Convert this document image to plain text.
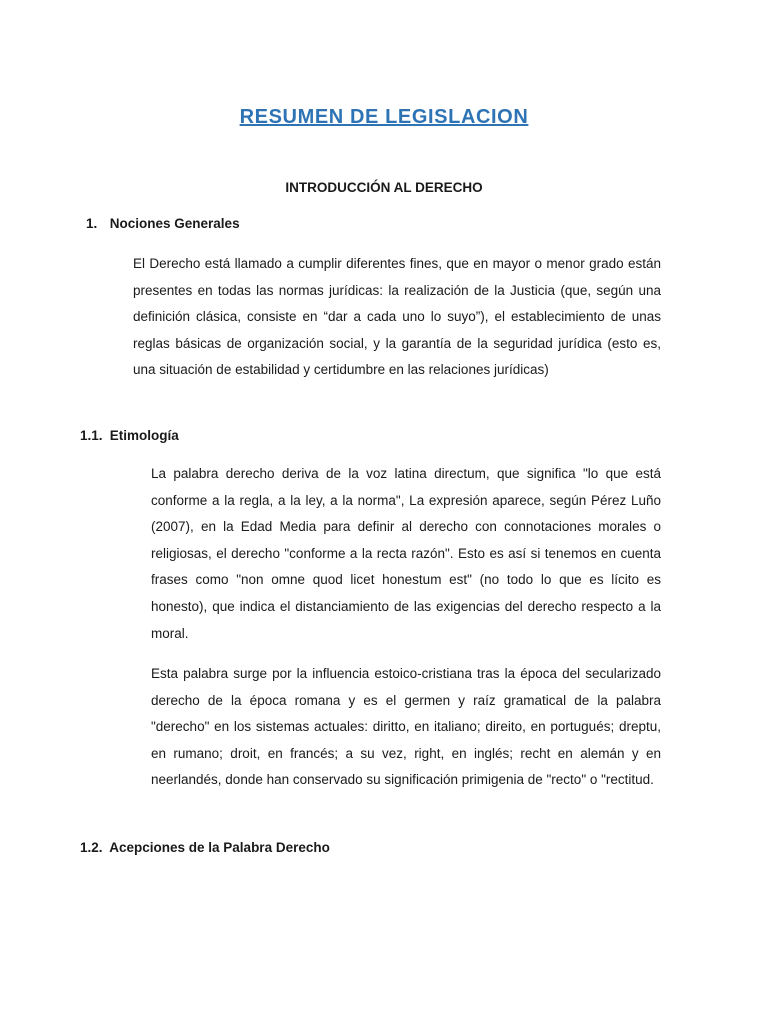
RESUMEN DE LEGISLACION
INTRODUCCIÓN AL DERECHO
1. Nociones Generales

El Derecho está llamado a cumplir diferentes fines, que en mayor o menor grado están presentes en todas las normas jurídicas: la realización de la Justicia (que, según una definición clásica, consiste en “dar a cada uno lo suyo”), el establecimiento de unas reglas básicas de organización social, y la garantía de la seguridad jurídica (esto es, una situación de estabilidad y certidumbre en las relaciones jurídicas)

1.1. Etimología

La palabra derecho deriva de la voz latina directum, que significa "lo que está conforme a la regla, a la ley, a la norma", La expresión aparece, según Pérez Luño (2007), en la Edad Media para definir al derecho con connotaciones morales o religiosas, el derecho "conforme a la recta razón". Esto es así si tenemos en cuenta frases como "non omne quod licet honestum est" (no todo lo que es lícito es honesto), que indica el distanciamiento de las exigencias del derecho respecto a la moral.

Esta palabra surge por la influencia estoico-cristiana tras la época del secularizado derecho de la época romana y es el germen y raíz gramatical de la palabra "derecho" en los sistemas actuales: diritto, en italiano; direito, en portugués; dreptu, en rumano; droit, en francés; a su vez, right, en inglés; recht en alemán y en neerlandés, donde han conservado su significación primigenia de "recto" o "rectitud.

1.2. Acepciones de la Palabra Derecho
